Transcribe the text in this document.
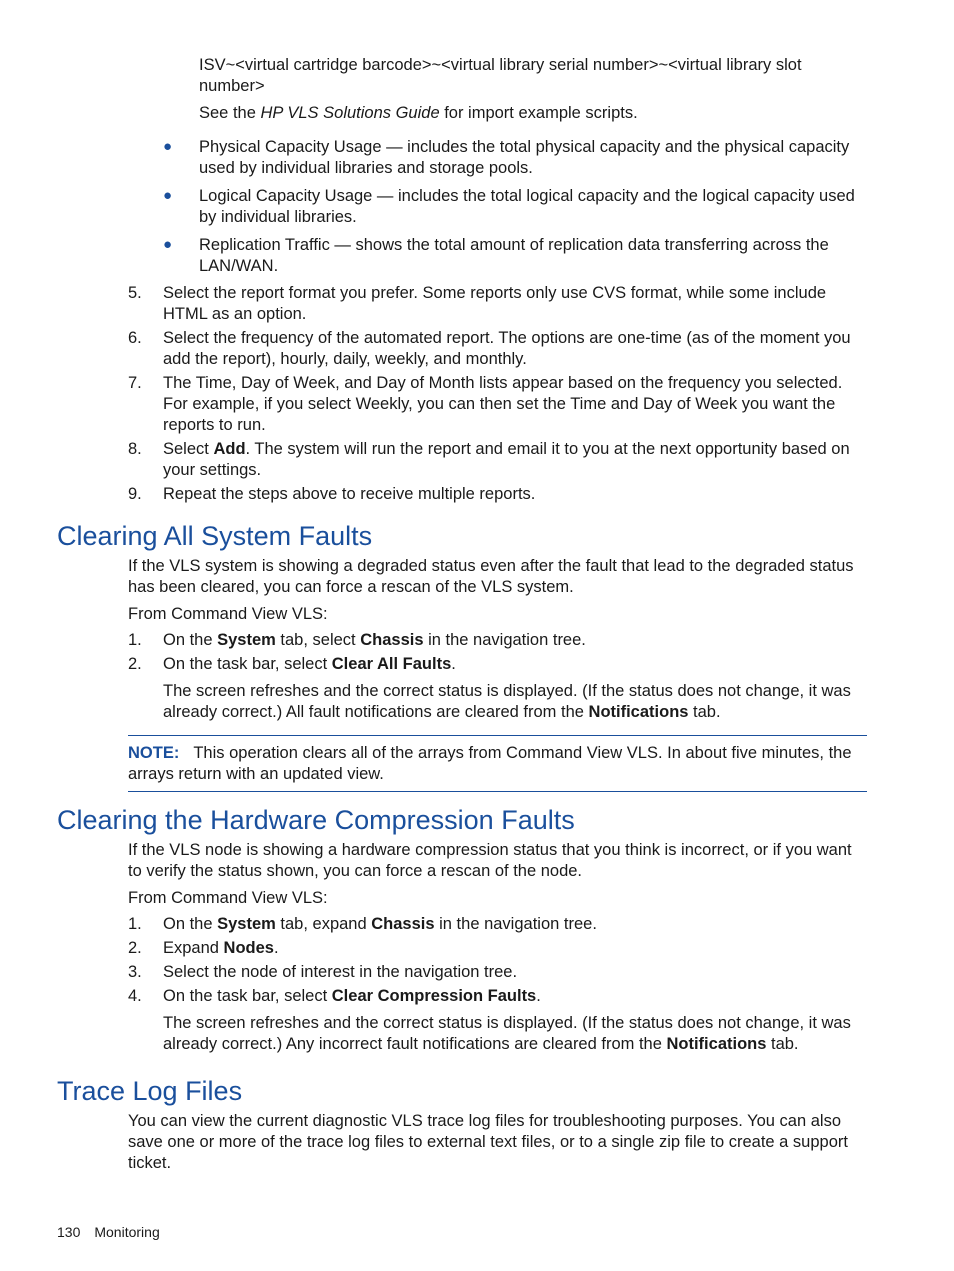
ISV~<virtual cartridge barcode>~<virtual library serial number>~<virtual library slot number>

See the HP VLS Solutions Guide for import example scripts.

● Physical Capacity Usage — includes the total physical capacity and the physical capacity used by individual libraries and storage pools.
● Logical Capacity Usage — includes the total logical capacity and the logical capacity used by individual libraries.
● Replication Traffic — shows the total amount of replication data transferring across the LAN/WAN.
5.	Select the report format you prefer. Some reports only use CVS format, while some include HTML as an option.
6.	Select the frequency of the automated report. The options are one-time (as of the moment you add the report), hourly, daily, weekly, and monthly.
7.	The Time, Day of Week, and Day of Month lists appear based on the frequency you selected. For example, if you select Weekly, you can then set the Time and Day of Week you want the reports to run.
8.	Select Add. The system will run the report and email it to you at the next opportunity based on your settings.
9.	Repeat the steps above to receive multiple reports.
Clearing All System Faults

If the VLS system is showing a degraded status even after the fault that lead to the degraded status has been cleared, you can force a rescan of the VLS system.

From Command View VLS:

1.	On the System tab, select Chassis in the navigation tree.
2.	On the task bar, select Clear All Faults.

The screen refreshes and the correct status is displayed. (If the status does not change, it was already correct.) All fault notifications are cleared from the Notifications tab.

NOTE: This operation clears all of the arrays from Command View VLS. In about five minutes, the arrays return with an updated view.
Clearing the Hardware Compression Faults

If the VLS node is showing a hardware compression status that you think is incorrect, or if you want to verify the status shown, you can force a rescan of the node.

From Command View VLS:

1.	On the System tab, expand Chassis in the navigation tree.
2.	Expand Nodes.
3.	Select the node of interest in the navigation tree.
4.	On the task bar, select Clear Compression Faults.

The screen refreshes and the correct status is displayed. (If the status does not change, it was already correct.) Any incorrect fault notifications are cleared from the Notifications tab.

Trace Log Files

You can view the current diagnostic VLS trace log files for troubleshooting purposes. You can also save one or more of the trace log files to external text files, or to a single zip file to create a support ticket.

130 Monitoring
